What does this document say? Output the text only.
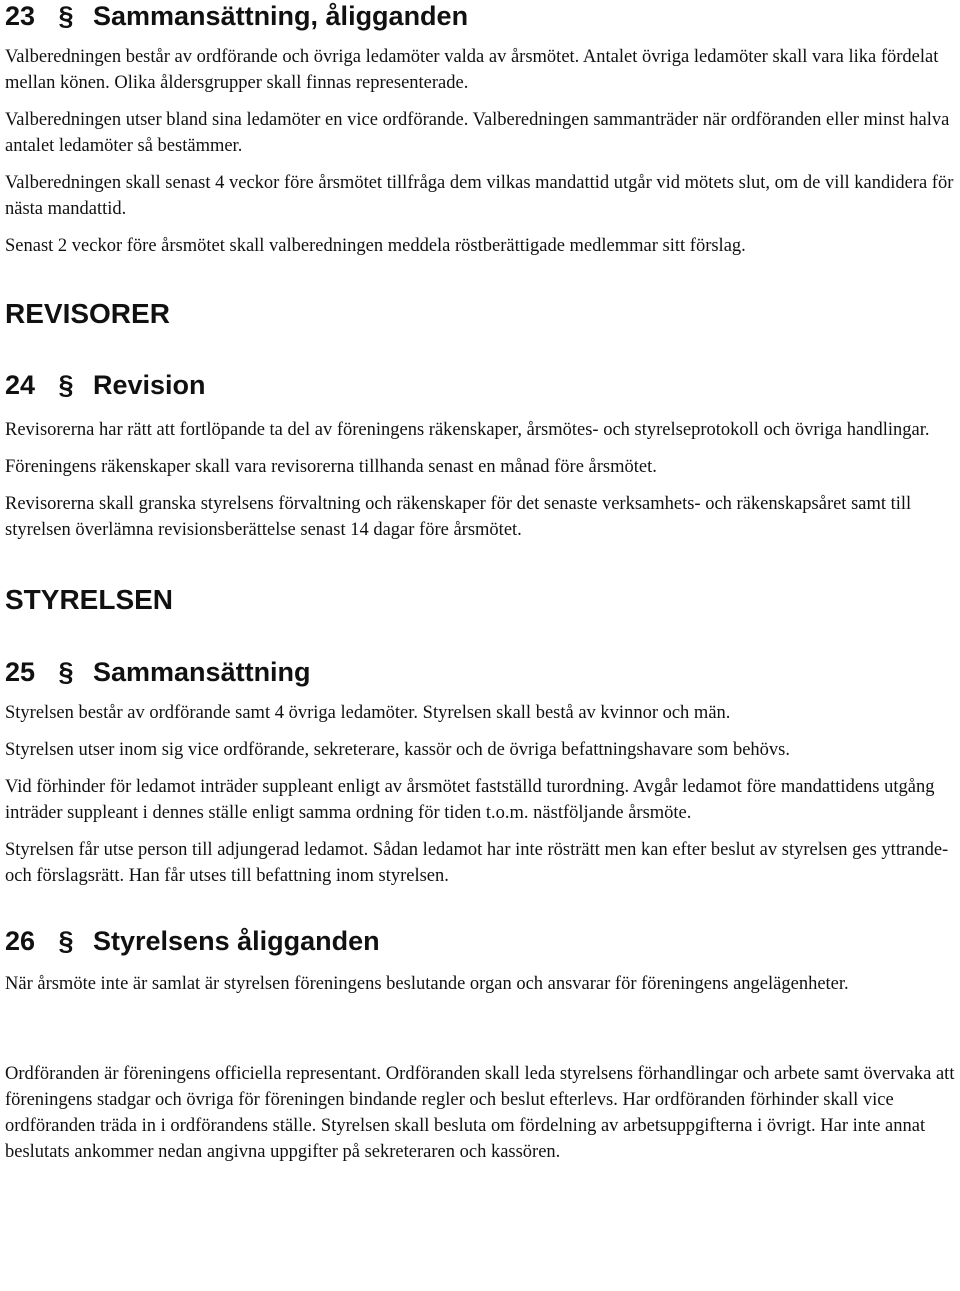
23 § Sammansättning, åligganden

Valberedningen består av ordförande och övriga ledamöter valda av årsmötet. Antalet övriga ledamöter skall vara lika fördelat mellan könen. Olika åldersgrupper skall finnas representerade.

Valberedningen utser bland sina ledamöter en vice ordförande. Valberedningen sammanträder när ordföranden eller minst halva antalet ledamöter så bestämmer.

Valberedningen skall senast 4 veckor före årsmötet tillfråga dem vilkas mandattid utgår vid mötets slut, om de vill kandidera för nästa mandattid.

Senast 2 veckor före årsmötet skall valberedningen meddela röstberättigade medlemmar sitt förslag.

REVISORER
24 § Revision

Revisorerna har rätt att fortlöpande ta del av föreningens räkenskaper, årsmötes- och styrelseprotokoll och övriga handlingar.

Föreningens räkenskaper skall vara revisorerna tillhanda senast en månad före årsmötet.

Revisorerna skall granska styrelsens förvaltning och räkenskaper för det senaste verksamhets- och räkenskapsåret samt till styrelsen överlämna revisionsberättelse senast 14 dagar före årsmötet.

STYRELSEN
25 § Sammansättning

Styrelsen består av ordförande samt 4 övriga ledamöter. Styrelsen skall bestå av kvinnor och män.

Styrelsen utser inom sig vice ordförande, sekreterare, kassör och de övriga befattningshavare som behövs.

Vid förhinder för ledamot inträder suppleant enligt av årsmötet fastställd turordning. Avgår ledamot före mandattidens utgång inträder suppleant i dennes ställe enligt samma ordning för tiden t.o.m. nästföljande årsmöte.

Styrelsen får utse person till adjungerad ledamot. Sådan ledamot har inte rösträtt men kan efter beslut av styrelsen ges yttrande- och förslagsrätt. Han får utses till befattning inom styrelsen.

26 § Styrelsens åligganden

När årsmöte inte är samlat är styrelsen föreningens beslutande organ och ansvarar för föreningens angelägenheter.

Ordföranden är föreningens officiella representant. Ordföranden skall leda styrelsens förhandlingar och arbete samt övervaka att föreningens stadgar och övriga för föreningen bindande regler och beslut efterlevs. Har ordföranden förhinder skall vice ordföranden träda in i ordförandens ställe. Styrelsen skall besluta om fördelning av arbetsuppgifterna i övrigt. Har inte annat beslutats ankommer nedan angivna uppgifter på sekreteraren och kassören.
